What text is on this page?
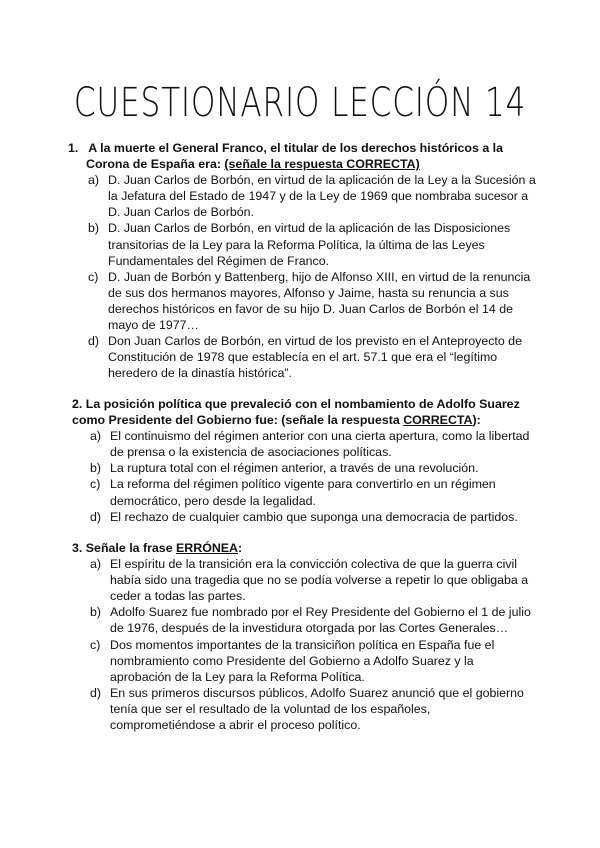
CUESTIONARIO LECCIÓN 14
1. A la muerte el General Franco, el titular de los derechos históricos a la
Corona de España era: (señale la respuesta CORRECTA)
a) D. Juan Carlos de Borbón, en virtud de la aplicación de la Ley a la Sucesión a
la Jefatura del Estado de 1947 y de la Ley de 1969 que nombraba sucesor a
D. Juan Carlos de Borbón.
b) D. Juan Carlos de Borbón, en virtud de la aplicación de las Disposiciones
transitorias de la Ley para la Reforma Política, la última de las Leyes
Fundamentales del Régimen de Franco.
c) D. Juan de Borbón y Battenberg, hijo de Alfonso XIII, en virtud de la renuncia
de sus dos hermanos mayores, Alfonso y Jaime, hasta su renuncia a sus
derechos históricos en favor de su hijo D. Juan Carlos de Borbón el 14 de
mayo de 1977…
d) Don Juan Carlos de Borbón, en virtud de los previsto en el Anteproyecto de
Constitución de 1978 que establecía en el art. 57.1 que era el “legítimo
heredero de la dinastía histórica”.
2. La posición política que prevaleció con el nombamiento de Adolfo Suarez
como Presidente del Gobierno fue: (señale la respuesta CORRECTA):
a) El continuismo del régimen anterior con una cierta apertura, como la libertad
de prensa o la existencia de asociaciones políticas.
b) La ruptura total con el régimen anterior, a través de una revolución.
c) La reforma del régimen político vigente para convertirlo en un régimen
democrático, pero desde la legalidad.
d) El rechazo de cualquier cambio que suponga una democracia de partidos.
3. Señale la frase ERRÓNEA:
a) El espíritu de la transición era la convicción colectiva de que la guerra civil
había sido una tragedia que no se podía volverse a repetir lo que obligaba a
ceder a todas las partes.
b) Adolfo Suarez fue nombrado por el Rey Presidente del Gobierno el 1 de julio
de 1976, después de la investidura otorgada por las Cortes Generales…
c) Dos momentos importantes de la transiciñon política en España fue el
nombramiento como Presidente del Gobierno a Adolfo Suarez y la
aprobación de la Ley para la Reforma Política.
d) En sus primeros discursos públicos, Adolfo Suarez anunció que el gobierno
tenía que ser el resultado de la voluntad de los españoles,
comprometiéndose a abrir el proceso político.
